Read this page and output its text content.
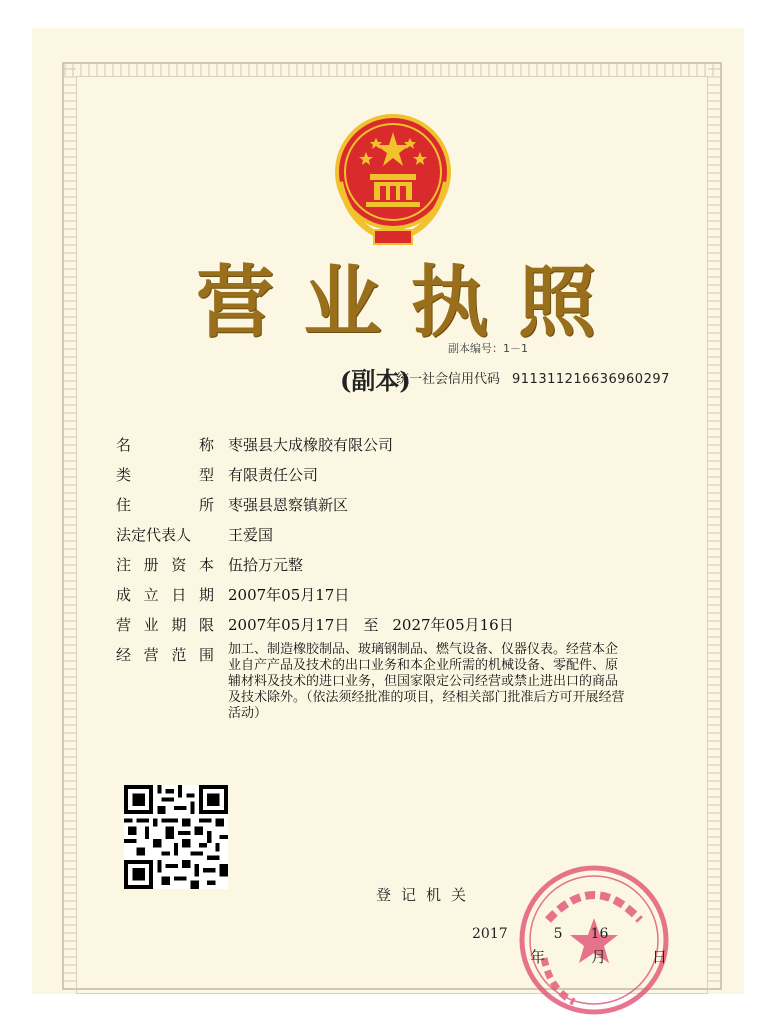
营 业 执 照
副本编号：1－1
(副本)
统一社会信用代码 91131121663696029​7
名	称 枣强县大成橡胶有限公司
类	型 有限责任公司
住	所 枣强县恩察镇新区
法定代表人 王爱国
注 册 资 本 伍拾万元整
成 立 日 期 2007年05月17日
营 业 期 限 2007年05月17日 至 2027年05月16日
经 营 范 围 加工、制造橡胶制品、玻璃钢制品、燃气设备、仪器仪表。经营本企业自产产品及技术的出口业务和本企业所需的机械设备、零配件、原辅材料及技术的进口业务，但国家限定公司经营或禁止进出口的商品及技术除外。（依法须经批准的项目，经相关部门批准后方可开展经营活动）
登记机关
2017	5 16
年	月	日
